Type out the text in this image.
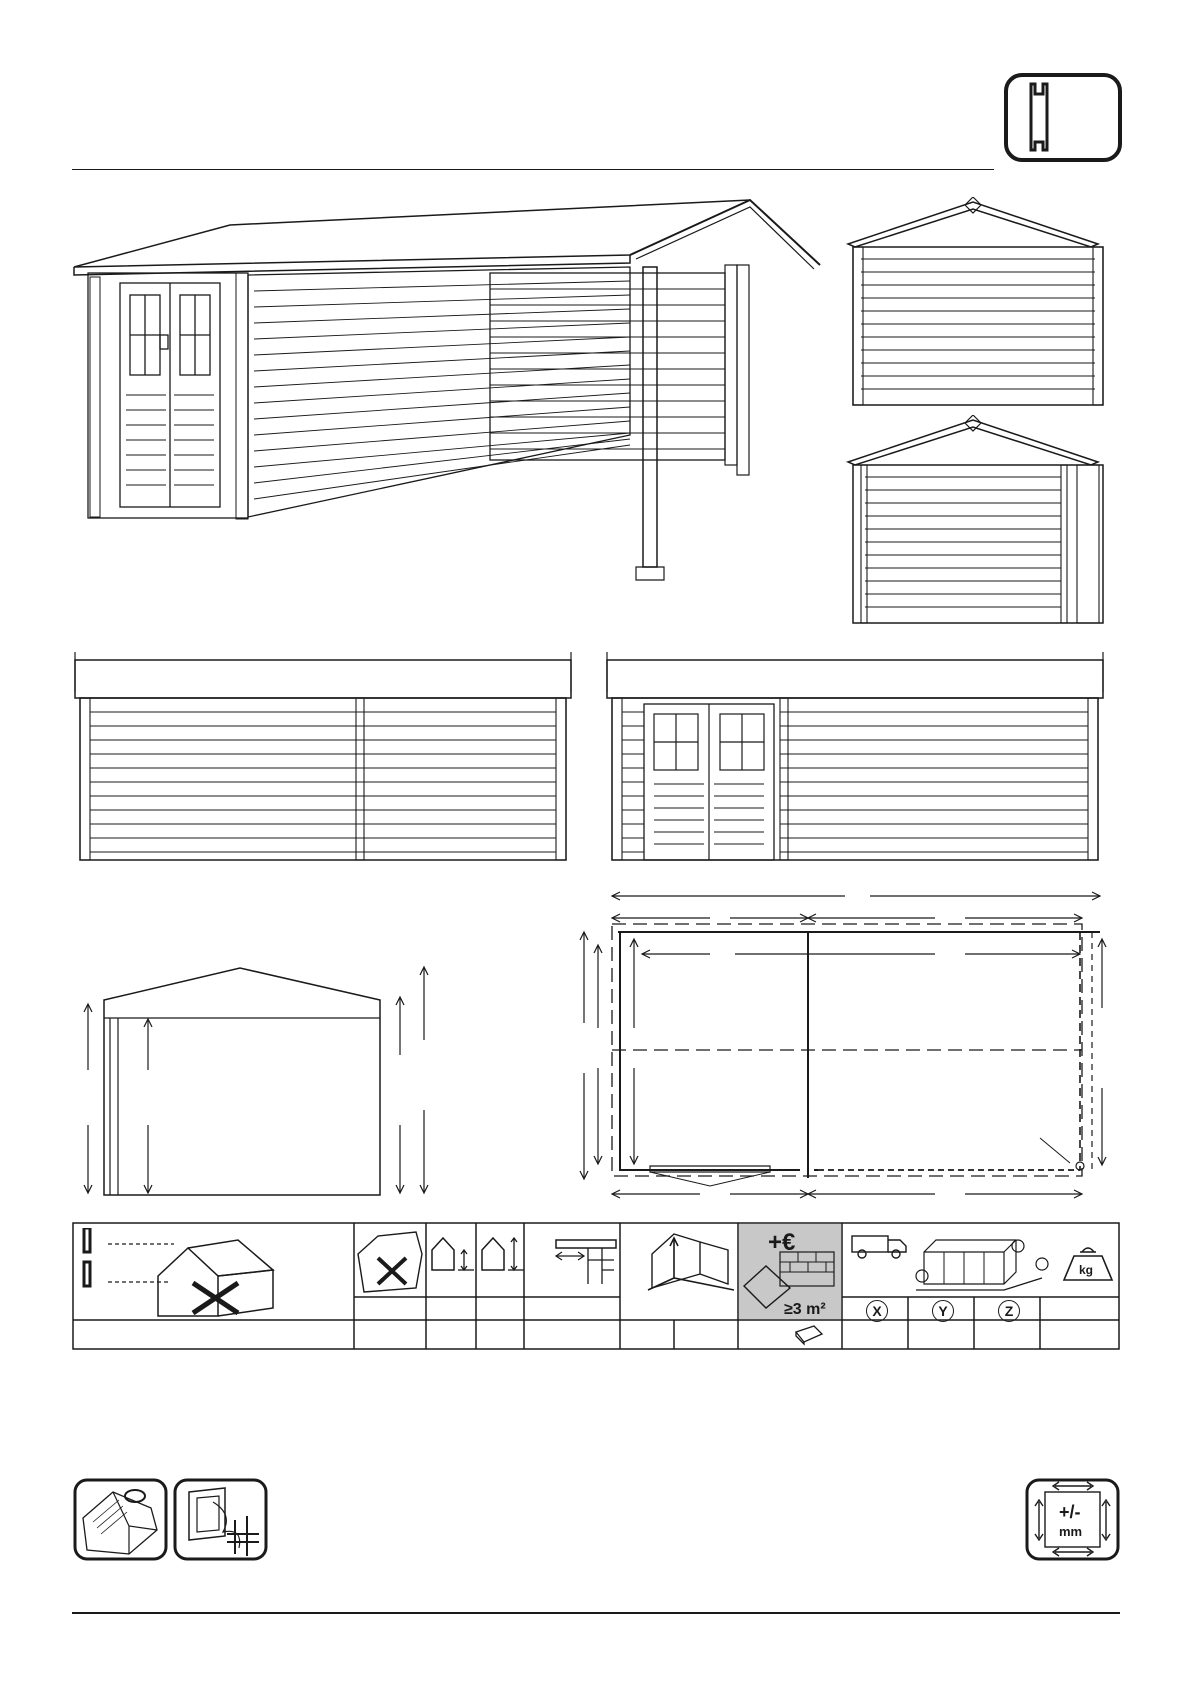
+€
≥3 m²
kg
X	Y	Z
+/-
mm
